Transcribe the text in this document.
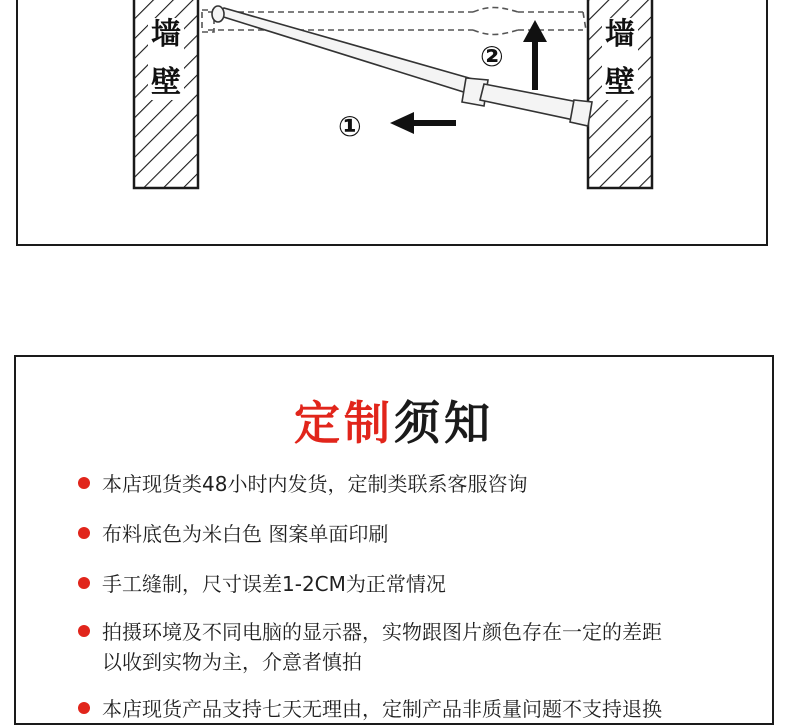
墙
壁
墙
壁
②
①
定制须知
本店现货类48小时内发货，定制类联系客服咨询
布料底色为米白色 图案单面印刷
手工缝制，尺寸误差1-2CM为正常情况
拍摄环境及不同电脑的显示器，实物跟图片颜色存在一定的差距
以收到实物为主，介意者慎拍
本店现货产品支持七天无理由，定制产品非质量问题不支持退换
